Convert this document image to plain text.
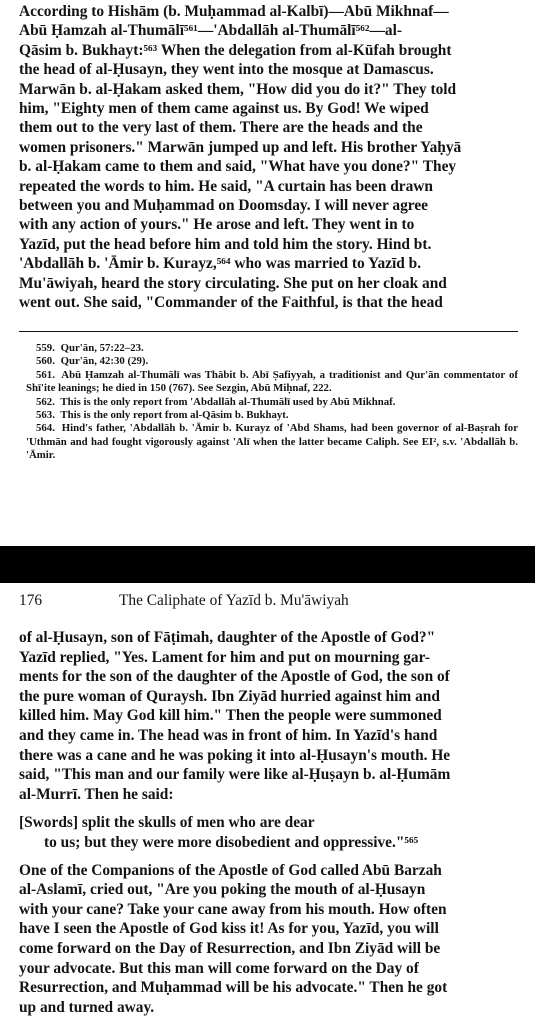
According to Hishām (b. Muḥammad al-Kalbī)—Abū Mikhnaf—
Abū Ḥamzah al-Thumālī⁵⁶¹—'Abdallāh al-Thumālī⁵⁶²—al-
Qāsim b. Bukhayt:⁵⁶³ When the delegation from al-Kūfah brought
the head of al-Ḥusayn, they went into the mosque at Damascus.
Marwān b. al-Ḥakam asked them, "How did you do it?" They told
him, "Eighty men of them came against us. By God! We wiped
them out to the very last of them. There are the heads and the
women prisoners." Marwān jumped up and left. His brother Yaḥyā
b. al-Ḥakam came to them and said, "What have you done?" They
repeated the words to him. He said, "A curtain has been drawn
between you and Muḥammad on Doomsday. I will never agree
with any action of yours." He arose and left. They went in to
Yazīd, put the head before him and told him the story. Hind bt.
'Abdallāh b. 'Āmir b. Kurayz,⁵⁶⁴ who was married to Yazīd b.
Mu'āwiyah, heard the story circulating. She put on her cloak and
went out. She said, "Commander of the Faithful, is that the head

559. Qur'ān, 57:22–23.

560. Qur'ān, 42:30 (29).

561. Abū Ḥamzah al-Thumālī was Thābit b. Abī Ṣafiyyah, a traditionist and Qur'ān commentator of Shī'ite leanings; he died in 150 (767). See Sezgin, Abū Miḥnaf, 222.

562. This is the only report from 'Abdallāh al-Thumālī used by Abū Mikhnaf.

563. This is the only report from al-Qāsim b. Bukhayt.

564. Hind's father, 'Abdallāh b. 'Āmir b. Kurayz of 'Abd Shams, had been governor of al-Baṣrah for 'Uthmān and had fought vigorously against 'Alī when the latter became Caliph. See EI², s.v. 'Abdallāh b. 'Āmir.

176	The Caliphate of Yazīd b. Mu'āwiyah

of al-Ḥusayn, son of Fāṭimah, daughter of the Apostle of God?"
Yazīd replied, "Yes. Lament for him and put on mourning gar-
ments for the son of the daughter of the Apostle of God, the son of
the pure woman of Quraysh. Ibn Ziyād hurried against him and
killed him. May God kill him." Then the people were summoned
and they came in. The head was in front of him. In Yazīd's hand
there was a cane and he was poking it into al-Ḥusayn's mouth. He
said, "This man and our family were like al-Ḥuṣayn b. al-Ḥumām
al-Murrī. Then he said:

[Swords] split the skulls of men who are dear
to us; but they were more disobedient and oppressive."⁵⁶⁵

One of the Companions of the Apostle of God called Abū Barzah
al-Aslamī, cried out, "Are you poking the mouth of al-Ḥusayn
with your cane? Take your cane away from his mouth. How often
have I seen the Apostle of God kiss it! As for you, Yazīd, you will
come forward on the Day of Resurrection, and Ibn Ziyād will be
your advocate. But this man will come forward on the Day of
Resurrection, and Muḥammad will be his advocate." Then he got
up and turned away.
